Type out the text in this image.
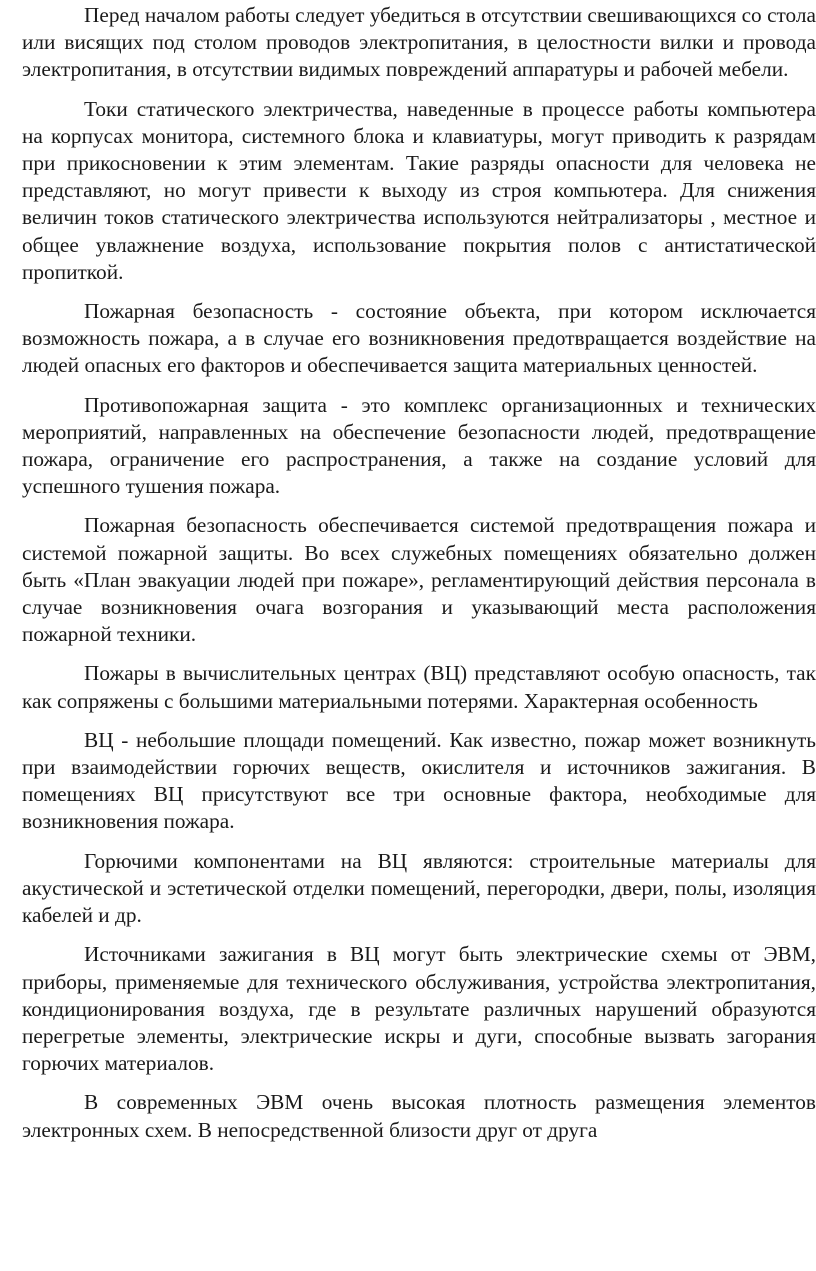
Перед началом работы следует убедиться в отсутствии свешивающихся со стола или висящих под столом проводов электропитания, в целостности вилки и провода электропитания, в отсутствии видимых повреждений аппаратуры и рабочей мебели.

Токи статического электричества, наведенные в процессе работы компьютера на корпусах монитора, системного блока и клавиатуры, могут приводить к разрядам при прикосновении к этим элементам. Такие разряды опасности для человека не представляют, но могут привести к выходу из строя компьютера. Для снижения величин токов статического электричества используются нейтрализаторы , местное и общее увлажнение воздуха, использование покрытия полов с антистатической пропиткой.

Пожарная безопасность - состояние объекта, при котором исключается возможность пожара, а в случае его возникновения предотвращается воздействие на людей опасных его факторов и обеспечивается защита материальных ценностей.

Противопожарная защита - это комплекс организационных и технических мероприятий, направленных на обеспечение безопасности людей, предотвращение пожара, ограничение его распространения, а также на создание условий для успешного тушения пожара.

Пожарная безопасность обеспечивается системой предотвращения пожара и системой пожарной защиты. Во всех служебных помещениях обязательно должен быть «План эвакуации людей при пожаре», регламентирующий действия персонала в случае возникновения очага возгорания и указывающий места расположения пожарной техники.

Пожары в вычислительных центрах (ВЦ) представляют особую опасность, так как сопряжены с большими материальными потерями. Характерная особенность

ВЦ - небольшие площади помещений. Как известно, пожар может возникнуть при взаимодействии горючих веществ, окислителя и источников зажигания. В помещениях ВЦ присутствуют все три основные фактора, необходимые для возникновения пожара.

Горючими компонентами на ВЦ являются: строительные материалы для акустической и эстетической отделки помещений, перегородки, двери, полы, изоляция кабелей и др.

Источниками зажигания в ВЦ могут быть электрические схемы от ЭВМ, приборы, применяемые для технического обслуживания, устройства электропитания, кондиционирования воздуха, где в результате различных нарушений образуются перегретые элементы, электрические искры и дуги, способные вызвать загорания горючих материалов.

В современных ЭВМ очень высокая плотность размещения элементов электронных схем. В непосредственной близости друг от друга
